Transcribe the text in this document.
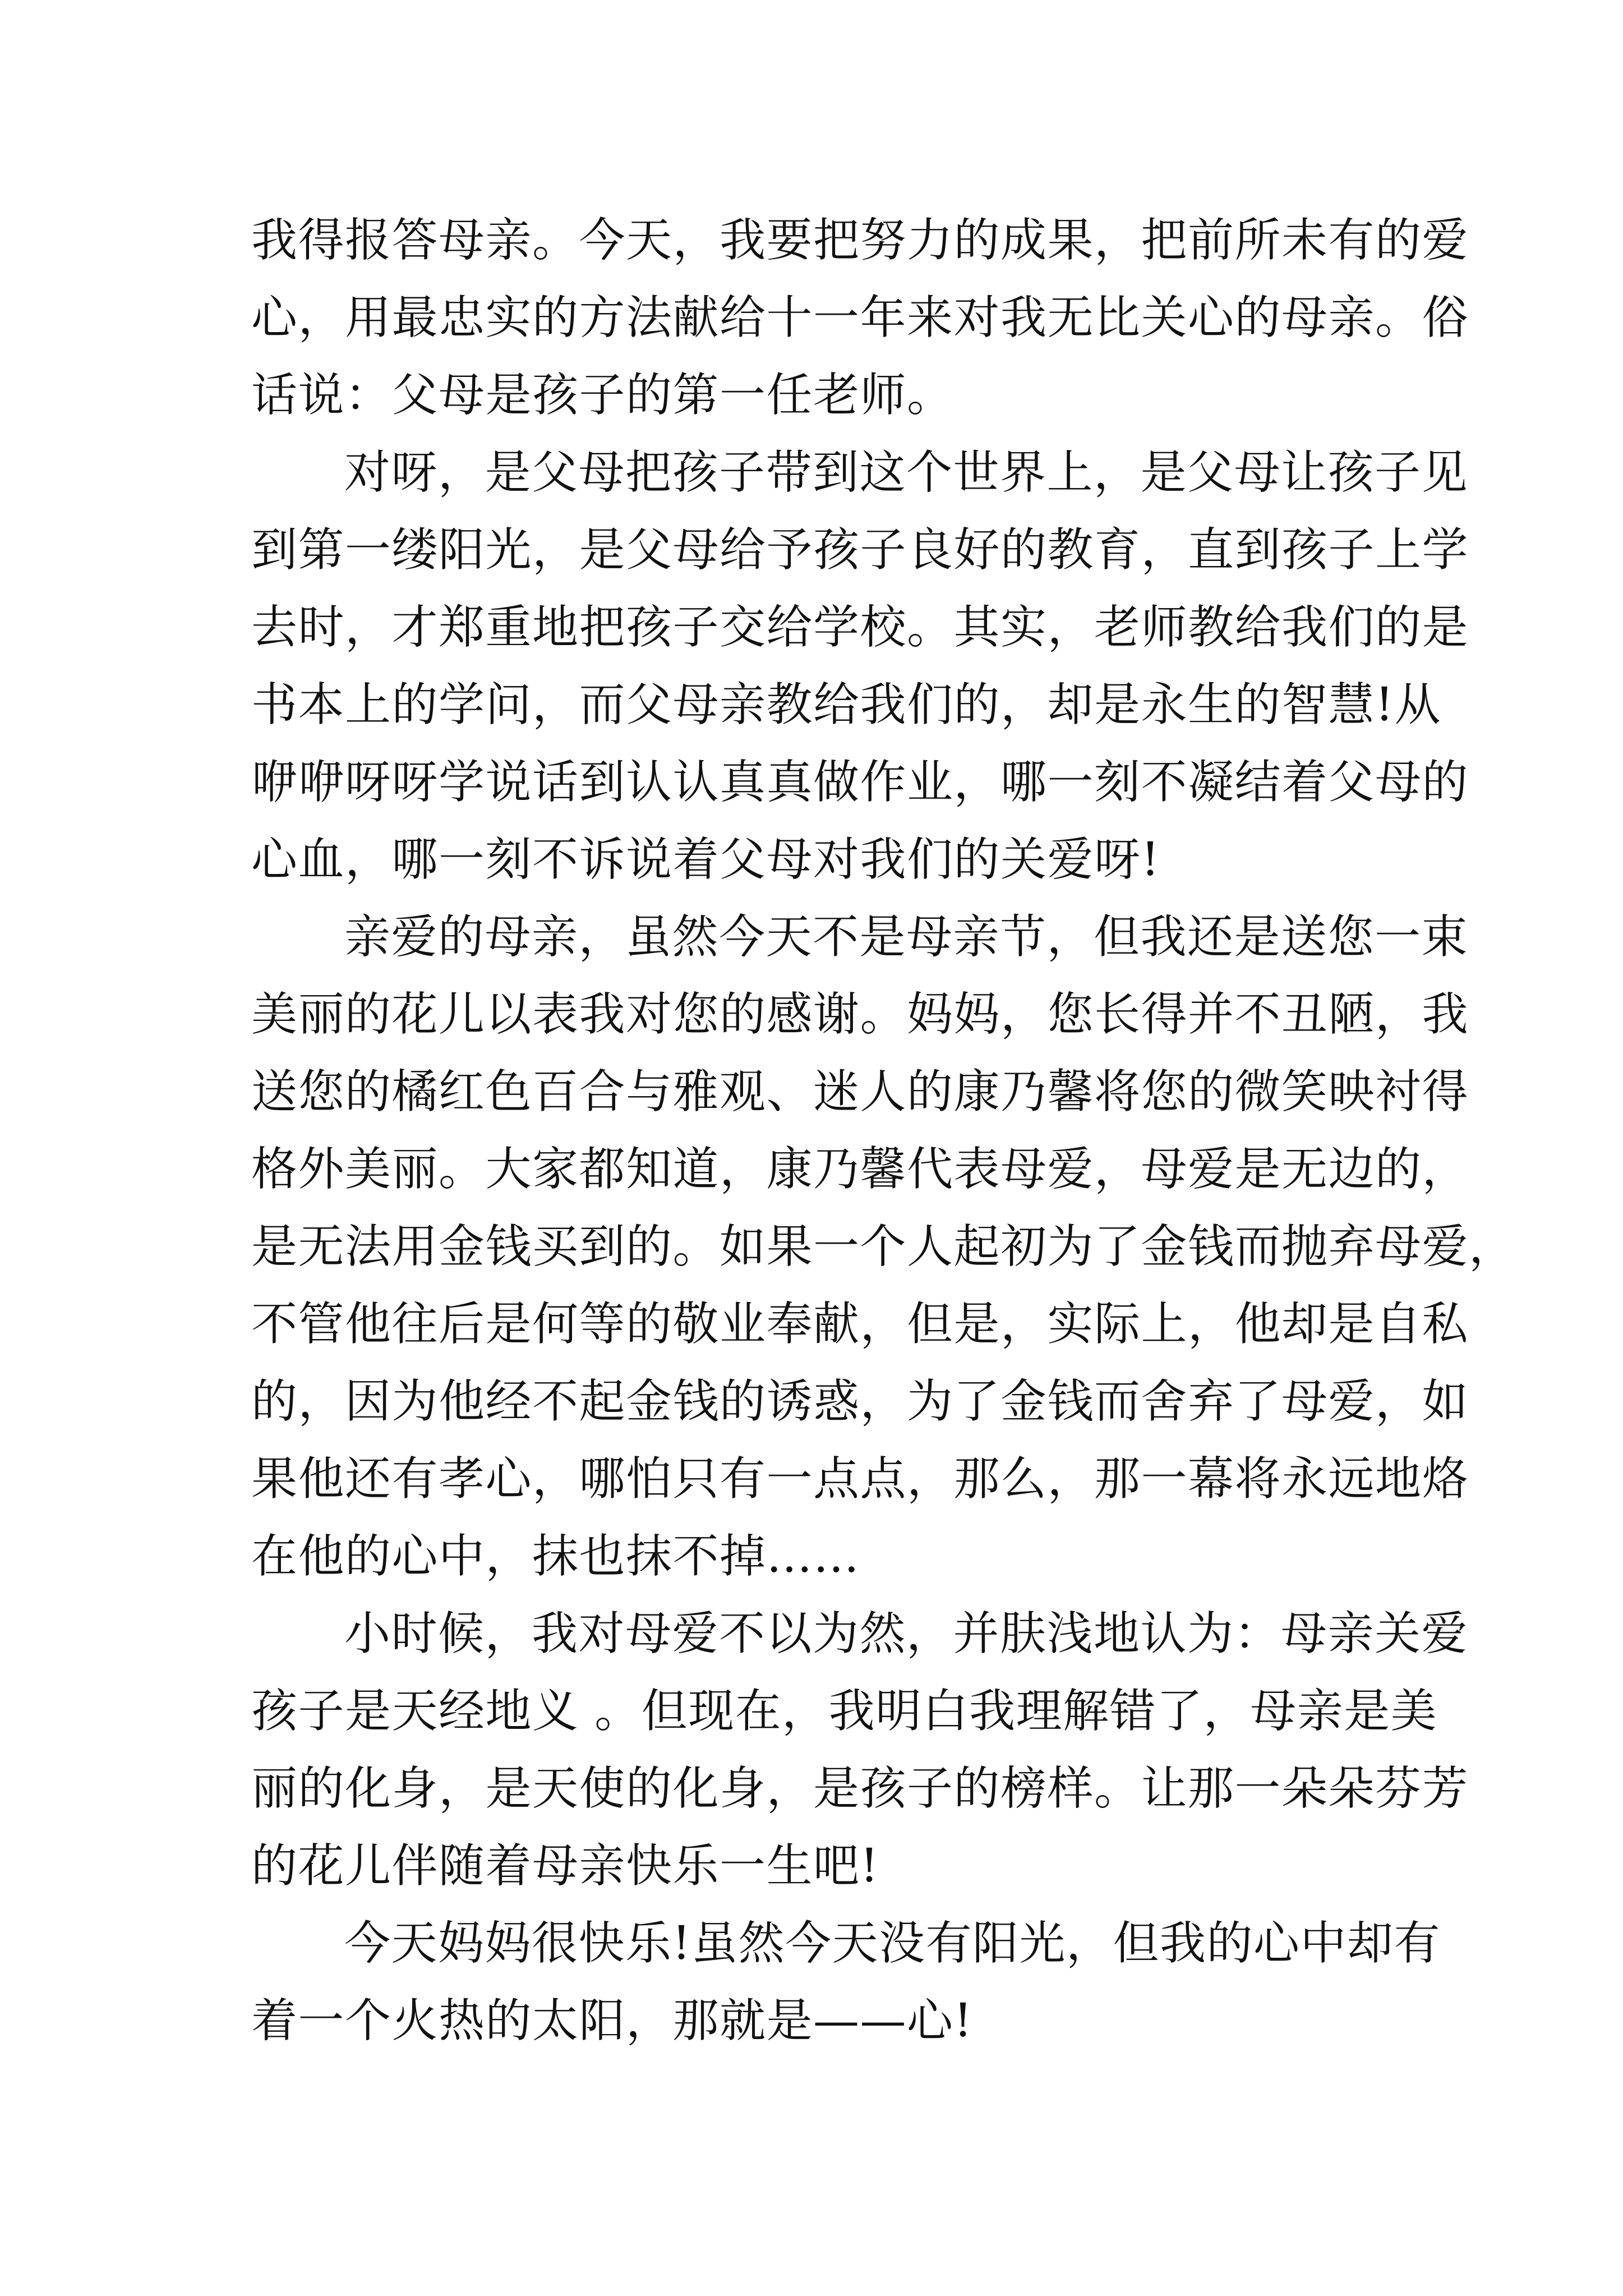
我得报答母亲。今天，我要把努力的成果，把前所未有的爱
心，用最忠实的方法献给十一年来对我无比关心的母亲。俗
话说：父母是孩子的第一任老师。
对呀，是父母把孩子带到这个世界上，是父母让孩子见
到第一缕阳光，是父母给予孩子良好的教育，直到孩子上学
去时，才郑重地把孩子交给学校。其实，老师教给我们的是
书本上的学问，而父母亲教给我们的，却是永生的智慧!从
咿咿呀呀学说话到认认真真做作业，哪一刻不凝结着父母的
心血，哪一刻不诉说着父母对我们的关爱呀!
亲爱的母亲，虽然今天不是母亲节，但我还是送您一束
美丽的花儿以表我对您的感谢。妈妈，您长得并不丑陋，我
送您的橘红色百合与雅观、迷人的康乃馨将您的微笑映衬得
格外美丽。大家都知道，康乃馨代表母爱，母爱是无边的，
是无法用金钱买到的。如果一个人起初为了金钱而抛弃母爱，
不管他往后是何等的敬业奉献，但是，实际上，他却是自私
的，因为他经不起金钱的诱惑，为了金钱而舍弃了母爱，如
果他还有孝心，哪怕只有一点点，那么，那一幕将永远地烙
在他的心中，抹也抹不掉……
小时候，我对母爱不以为然，并肤浅地认为：母亲关爱
孩子是天经地义 。但现在，我明白我理解错了，母亲是美
丽的化身，是天使的化身，是孩子的榜样。让那一朵朵芬芳
的花儿伴随着母亲快乐一生吧!
今天妈妈很快乐!虽然今天没有阳光，但我的心中却有
着一个火热的太阳，那就是——心!
